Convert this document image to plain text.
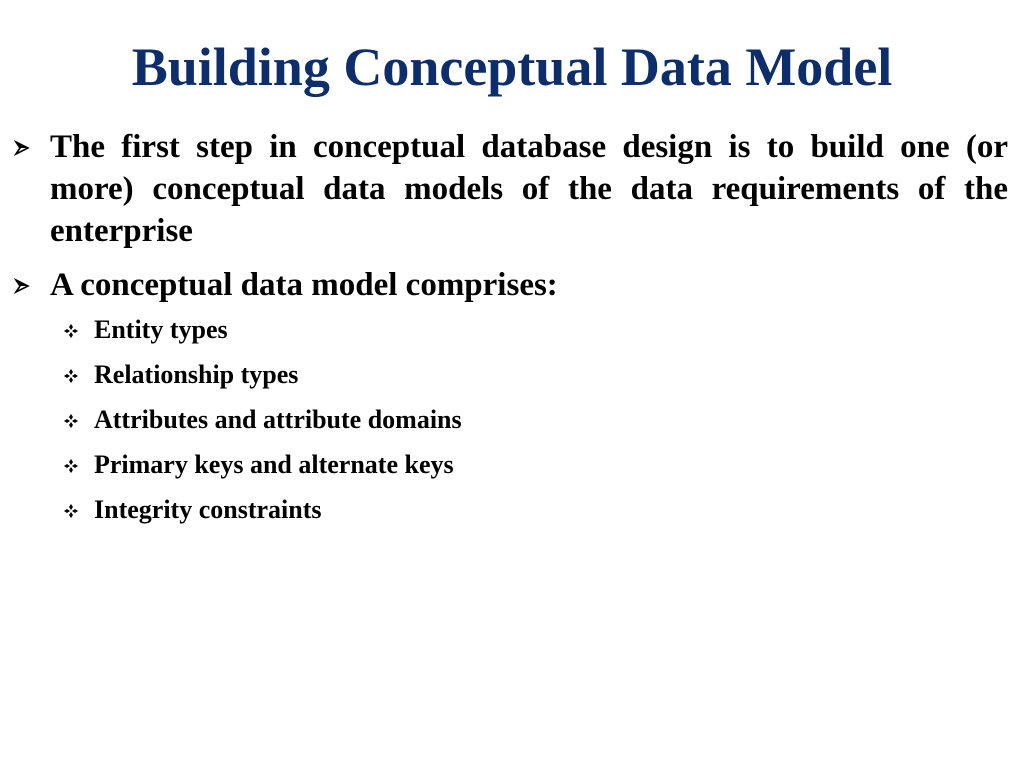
Building Conceptual Data Model
The first step in conceptual database design is to build one (or more) conceptual data models of the data requirements of the enterprise
A conceptual data model comprises:
Entity types
Relationship types
Attributes and attribute domains
Primary keys and alternate keys
Integrity constraints
